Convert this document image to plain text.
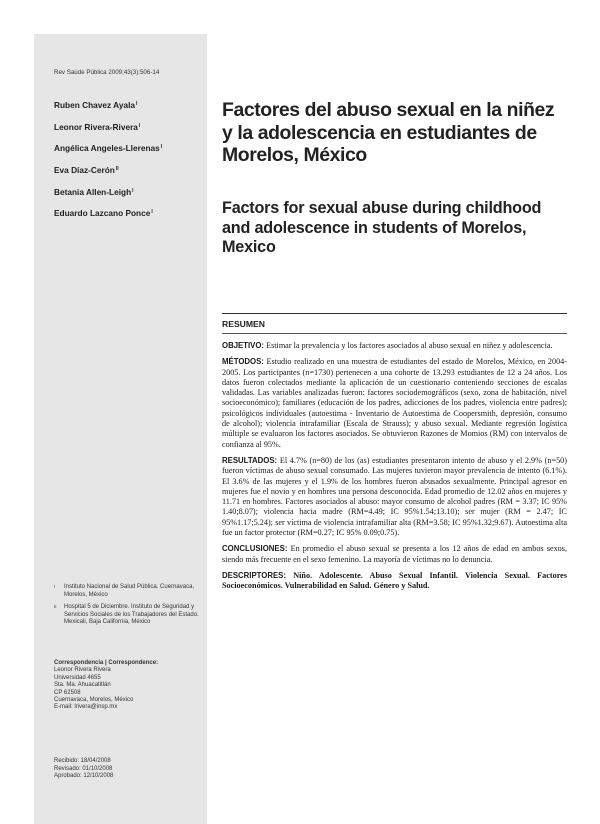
Rev Saúde Pública 2009;43(3):506-14
Ruben Chavez Ayala$^I$
Leonor Rivera-Rivera$^I$
Angélica Angeles-Llerenas$^I$
Eva Díaz-Cerón$^{II}$
Betania Allen-Leigh$^I$
Eduardo Lazcano Ponce$^I$
I Instituto Nacional de Salud Pública. Cuernavaca, Morelos, México
II Hospital 5 de Diciembre. Instituto de Seguridad y Servicios Sociales de los Trabajadores del Estado. Mexicali, Baja California, México
Correspondencia | Correspondence:
Leonor Rivera Rivera
Universidad 4655
Sta. Ma. Ahuacatitlán
CP 62508
Cuernavaca, Morelos, México
E-mail: lrivera@insp.mx
Recibido: 18/04/2008
Revisado: 01/10/2008
Aprobado: 12/10/2008
Factores del abuso sexual en la niñez y la adolescencia en estudiantes de Morelos, México
Factors for sexual abuse during childhood and adolescence in students of Morelos, Mexico
RESUMEN

OBJETIVO: Estimar la prevalencia y los factores asociados al abuso sexual en niñez y adolescencia.

MÉTODOS: Estudio realizado en una muestra de estudiantes del estado de Morelos, México, en 2004-2005. Los participantes (n=1730) pertenecen a una cohorte de 13.293 estudiantes de 12 a 24 años. Los datos fueron colectados mediante la aplicación de un cuestionario conteniendo secciones de escalas validadas. Las variables analizadas fueron: factores sociodemográficos (sexo, zona de habitación, nivel socioeconómico); familiares (educación de los padres, adicciones de los padres, violencia entre padres); psicológicos individuales (autoestima - Inventario de Autoestima de Coopersmith, depresión, consumo de alcohol); violencia intrafamiliar (Escala de Strauss); y abuso sexual. Mediante regresión logística múltiple se evaluaron los factores asociados. Se obtuvieron Razones de Momios (RM) con intervalos de confianza al 95%.

RESULTADOS: El 4.7% (n=80) de los (as) estudiantes presentaron intento de abuso y el 2.9% (n=50) fueron víctimas de abuso sexual consumado. Las mujeres tuvieron mayor prevalencia de intento (6.1%). El 3.6% de las mujeres y el 1.9% de los hombres fueron abusados sexualmente. Principal agresor en mujeres fue el novio y en hombres una persona desconocida. Edad promedio de 12.02 años en mujeres y 11.71 en hombres. Factores asociados al abuso: mayor consumo de alcohol padres (RM = 3.37; IC 95% 1.40;8.07); violencia hacia madre (RM=4.49; IC 95%1.54;13.10); ser mujer (RM = 2.47; IC 95%1.17;5.24); ser víctima de violencia intrafamiliar alta (RM=3.58; IC 95%1.32;9.67). Autoestima alta fue un factor protector (RM=0.27; IC 95% 0.09;0.75).

CONCLUSIONES: En promedio el abuso sexual se presenta a los 12 años de edad en ambos sexos, siendo más frecuente en el sexo femenino. La mayoría de víctimas no lo denuncia.

DESCRIPTORES: Niño. Adolescente. Abuso Sexual Infantil. Violencia Sexual. Factores Socioeconómicos. Vulnerabilidad en Salud. Género y Salud.
